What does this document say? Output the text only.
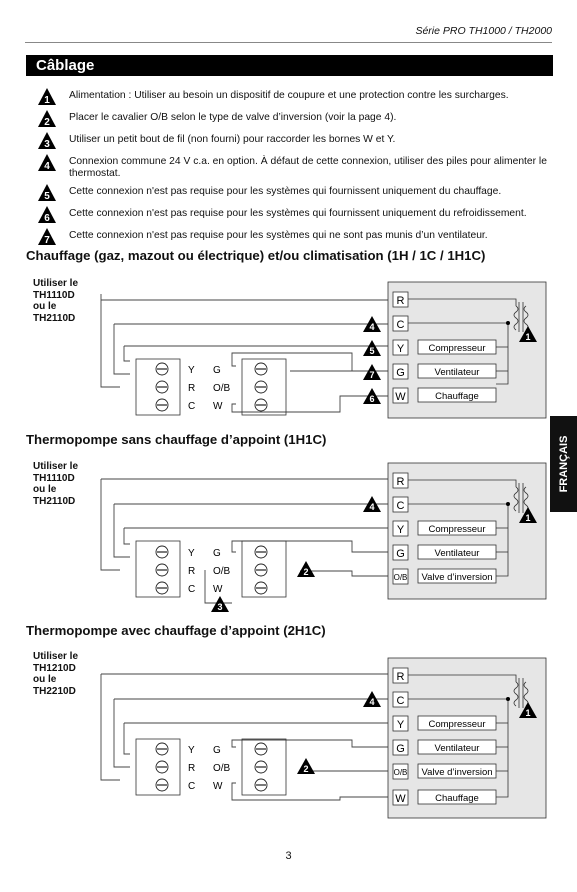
Série PRO TH1000 / TH2000
Câblage
1 Alimentation : Utiliser au besoin un dispositif de coupure et une protection contre les surcharges.
2 Placer le cavalier O/B selon le type de valve d’inversion (voir la page 4).
3 Utiliser un petit bout de fil (non fourni) pour raccorder les bornes W et Y.
4 Connexion commune 24 V c.a. en option. À défaut de cette connexion, utiliser des piles pour alimenter le thermostat.
5 Cette connexion n'est pas requise pour les systèmes qui fournissent uniquement du chauffage.
6 Cette connexion n'est pas requise pour les systèmes qui fournissent uniquement du refroidissement.
7 Cette connexion n'est pas requise pour les systèmes qui ne sont pas munis d’un ventilateur.
Chauffage (gaz, mazout ou électrique) et/ou climatisation (1H / 1C / 1H1C)
Utiliser le
TH1110D
ou le
TH2110D
R
C
Y
G
W
Compresseur
Ventilateur
Chauffage
Y
R
C
G
O/B
W
4
5
7
6
1
Thermopompe sans chauffage d’appoint (1H1C)
Utiliser le
TH1110D
ou le
TH2110D
R
C
Y
G
O/B
Compresseur
Ventilateur
Valve d’inversion
Y
R
C
G
O/B
W
4
2
3
1
Thermopompe avec chauffage d’appoint (2H1C)
Utiliser le
TH1210D
ou le
TH2210D
R
C
Y
G
O/B
W
Compresseur
Ventilateur
Valve d’inversion
Chauffage
Y
R
C
G
O/B
W
4
2
1
FRANÇAIS
3
